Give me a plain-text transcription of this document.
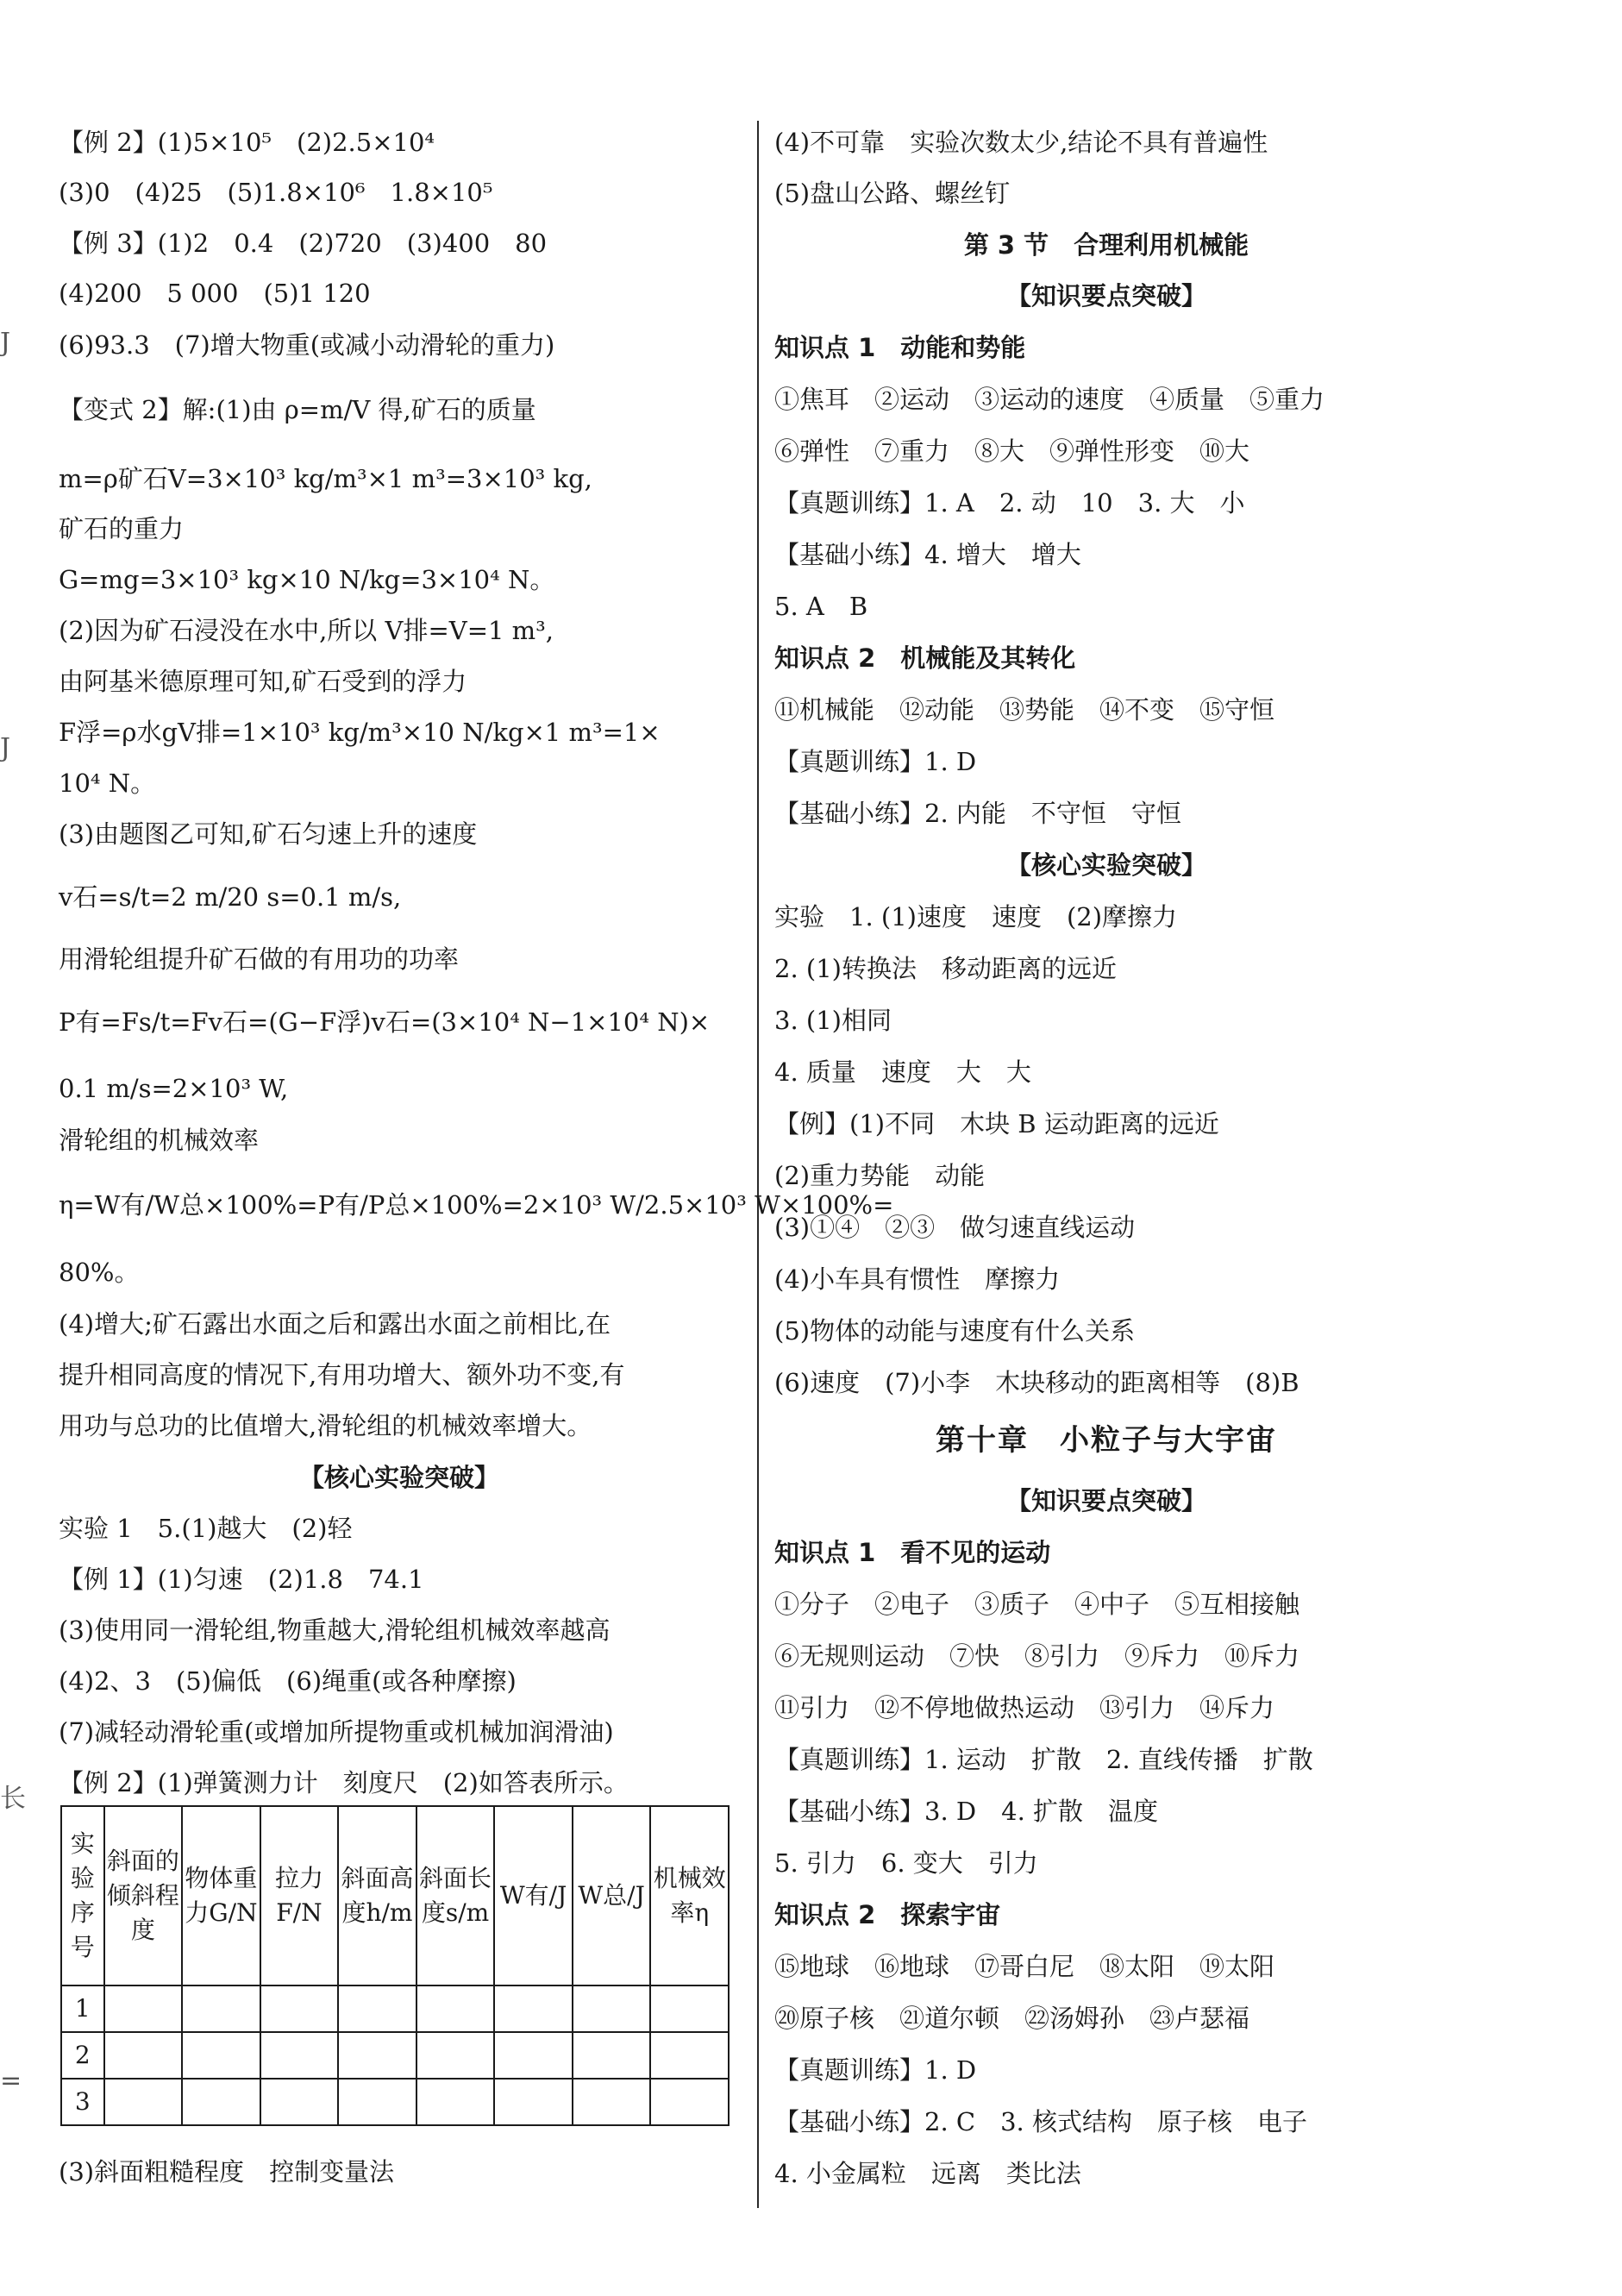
J
J
长
=
【例 2】(1)5×10⁵　(2)2.5×10⁴
(3)0　(4)25　(5)1.8×10⁶　1.8×10⁵
【例 3】(1)2　0.4　(2)720　(3)400　80
(4)200　5 000　(5)1 120
(6)93.3　(7)增大物重(或减小动滑轮的重力)
【变式 2】解:(1)由 ρ=m/V 得,矿石的质量
m=ρ矿石V=3×10³ kg/m³×1 m³=3×10³ kg,
矿石的重力
G=mg=3×10³ kg×10 N/kg=3×10⁴ N。
(2)因为矿石浸没在水中,所以 V排=V=1 m³,
由阿基米德原理可知,矿石受到的浮力
F浮=ρ水gV排=1×10³ kg/m³×10 N/kg×1 m³=1×
10⁴ N。
(3)由题图乙可知,矿石匀速上升的速度
v石=s/t=2 m/20 s=0.1 m/s,
用滑轮组提升矿石做的有用功的功率
P有=Fs/t=Fv石=(G−F浮)v石=(3×10⁴ N−1×10⁴ N)×
0.1 m/s=2×10³ W,
滑轮组的机械效率
η=W有/W总×100%=P有/P总×100%=2×10³ W/2.5×10³ W×100%=
80%。
(4)增大;矿石露出水面之后和露出水面之前相比,在
提升相同高度的情况下,有用功增大、额外功不变,有
用功与总功的比值增大,滑轮组的机械效率增大。
【核心实验突破】
实验 1　5.(1)越大　(2)轻
【例 1】(1)匀速　(2)1.8　74.1
(3)使用同一滑轮组,物重越大,滑轮组机械效率越高
(4)2、3　(5)偏低　(6)绳重(或各种摩擦)
(7)减轻动滑轮重(或增加所提物重或机械加润滑油)
【例 2】(1)弹簧测力计　刻度尺　(2)如答表所示。
实验序号	斜面的倾斜程度	物体重力G/N	拉力F/N	斜面高度h/m	斜面长度s/m	W有/J	W总/J	机械效率η
1								
2								
3								
(3)斜面粗糙程度　控制变量法
(4)不可靠　实验次数太少,结论不具有普遍性
(5)盘山公路、螺丝钉
第 3 节　合理利用机械能
【知识要点突破】
知识点 1　动能和势能
①焦耳　②运动　③运动的速度　④质量　⑤重力
⑥弹性　⑦重力　⑧大　⑨弹性形变　⑩大
【真题训练】1. A　2. 动　10　3. 大　小
【基础小练】4. 增大　增大
5. A　B
知识点 2　机械能及其转化
⑪机械能　⑫动能　⑬势能　⑭不变　⑮守恒
【真题训练】1. D
【基础小练】2. 内能　不守恒　守恒
【核心实验突破】
实验　1. (1)速度　速度　(2)摩擦力
2. (1)转换法　移动距离的远近
3. (1)相同
4. 质量　速度　大　大
【例】(1)不同　木块 B 运动距离的远近
(2)重力势能　动能
(3)①④　②③　做匀速直线运动
(4)小车具有惯性　摩擦力
(5)物体的动能与速度有什么关系
(6)速度　(7)小李　木块移动的距离相等　(8)B
第十章　小粒子与大宇宙
【知识要点突破】
知识点 1　看不见的运动
①分子　②电子　③质子　④中子　⑤互相接触
⑥无规则运动　⑦快　⑧引力　⑨斥力　⑩斥力
⑪引力　⑫不停地做热运动　⑬引力　⑭斥力
【真题训练】1. 运动　扩散　2. 直线传播　扩散
【基础小练】3. D　4. 扩散　温度
5. 引力　6. 变大　引力
知识点 2　探索宇宙
⑮地球　⑯地球　⑰哥白尼　⑱太阳　⑲太阳
⑳原子核　㉑道尔顿　㉒汤姆孙　㉓卢瑟福
【真题训练】1. D
【基础小练】2. C　3. 核式结构　原子核　电子
4. 小金属粒　远离　类比法
